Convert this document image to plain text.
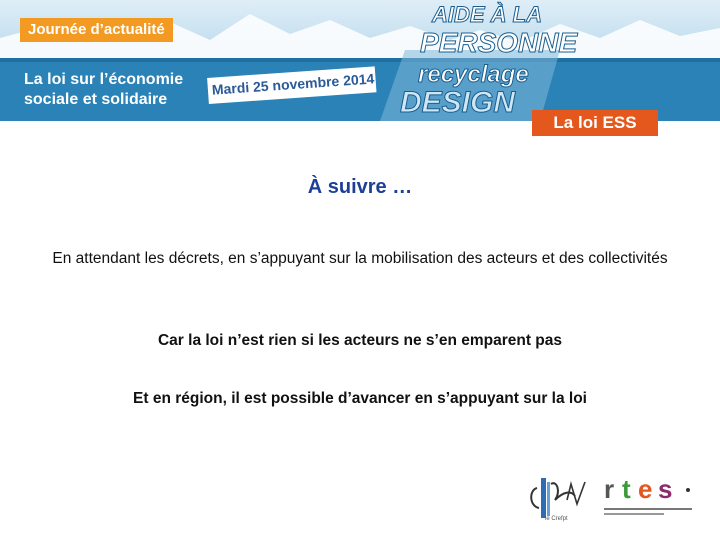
Journée d’actualité
La loi sur l’économie
sociale et solidaire
Mardi 25 novembre 2014
AIDE À LA
PERSONNE
recyclage
DESIGN
La loi ESS
À suivre …
En attendant les décrets, en s’appuyant sur la mobilisation des acteurs et des collectivités
Car la loi n’est rien si les acteurs ne s’en emparent pas
Et en région, il est possible d’avancer en s’appuyant sur la loi
le Crefpt
r t e s
